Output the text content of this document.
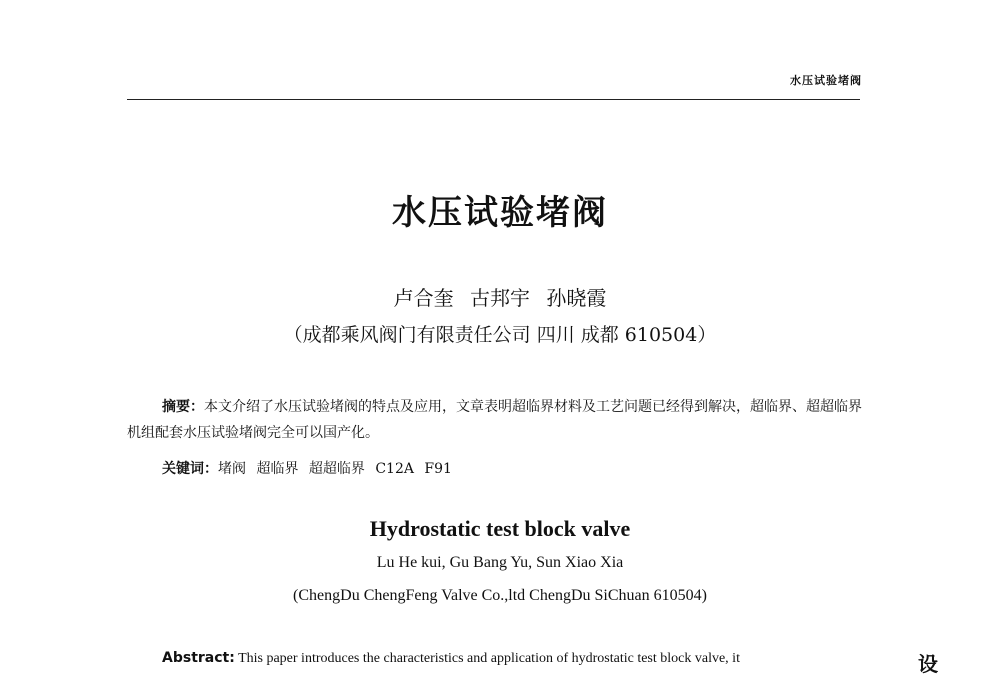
水压试验堵阀
水压试验堵阀
卢合奎 古邦宇 孙晓霞
（成都乘风阀门有限责任公司 四川 成都 610504）
摘要：本文介绍了水压试验堵阀的特点及应用，文章表明超临界材料及工艺问题已经得到解决，超临界、超超临界机组配套水压试验堵阀完全可以国产化。
关键词：堵阀 超临界 超超临界 C12A F91
Hydrostatic test block valve
Lu He kui, Gu Bang Yu, Sun Xiao Xia
(ChengDu ChengFeng Valve Co.,ltd ChengDu SiChuan 610504)
Abstract: This paper introduces the characteristics and application of hydrostatic test block valve, it	设
